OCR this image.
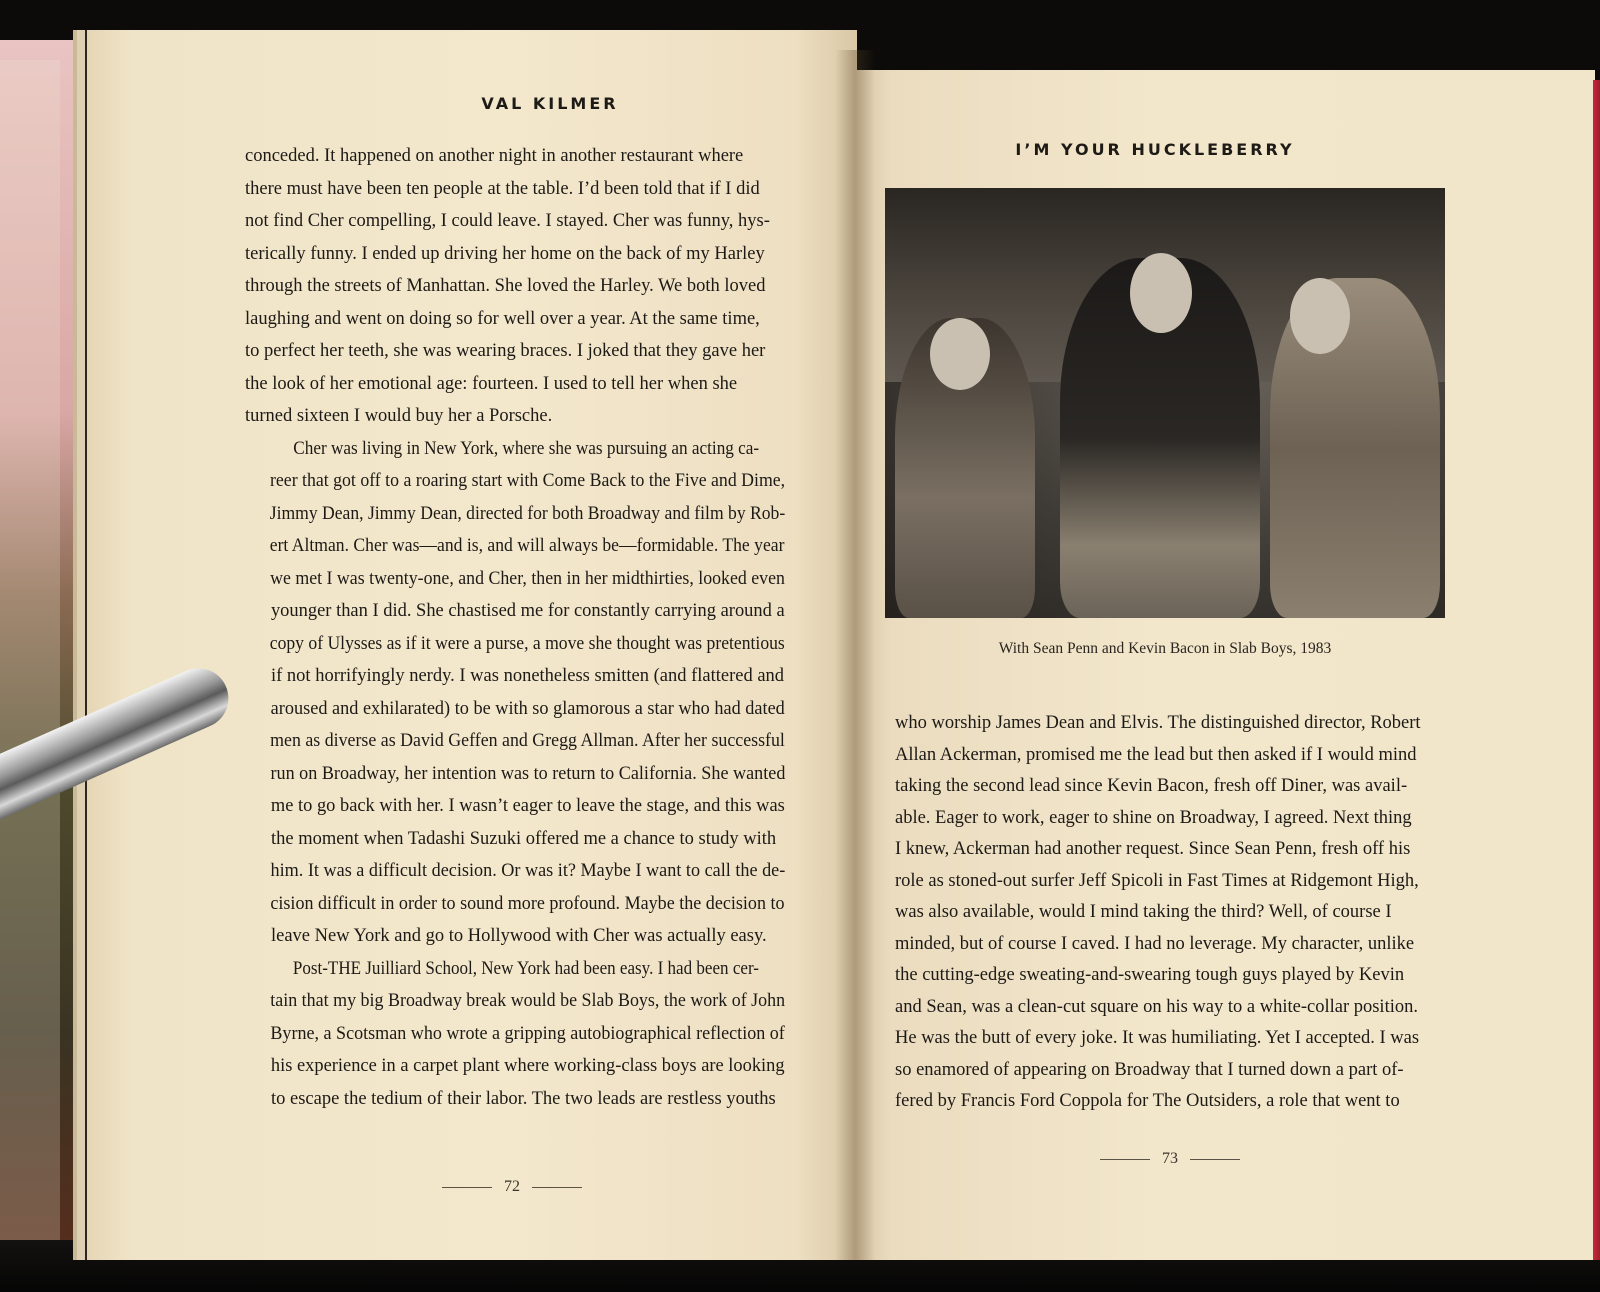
VAL KILMER

conceded. It happened on another night in another restaurant where
there must have been ten people at the table. I’d been told that if I did
not find Cher compelling, I could leave. I stayed. Cher was funny, hys-
terically funny. I ended up driving her home on the back of my Harley
through the streets of Manhattan. She loved the Harley. We both loved
laughing and went on doing so for well over a year. At the same time,
to perfect her teeth, she was wearing braces. I joked that they gave her
the look of her emotional age: fourteen. I used to tell her when she
turned sixteen I would buy her a Porsche.

Cher was living in New York, where she was pursuing an acting ca-
reer that got off to a roaring start with Come Back to the Five and Dime,
Jimmy Dean, Jimmy Dean, directed for both Broadway and film by Rob-
ert Altman. Cher was—and is, and will always be—formidable. The year
we met I was twenty-one, and Cher, then in her midthirties, looked even
younger than I did. She chastised me for constantly carrying around a
copy of Ulysses as if it were a purse, a move she thought was pretentious
if not horrifyingly nerdy. I was nonetheless smitten (and flattered and
aroused and exhilarated) to be with so glamorous a star who had dated
men as diverse as David Geffen and Gregg Allman. After her successful
run on Broadway, her intention was to return to California. She wanted
me to go back with her. I wasn’t eager to leave the stage, and this was
the moment when Tadashi Suzuki offered me a chance to study with
him. It was a difficult decision. Or was it? Maybe I want to call the de-
cision difficult in order to sound more profound. Maybe the decision to
leave New York and go to Hollywood with Cher was actually easy.

Post-THE Juilliard School, New York had been easy. I had been cer-
tain that my big Broadway break would be Slab Boys, the work of John
Byrne, a Scotsman who wrote a gripping autobiographical reflection of
his experience in a carpet plant where working-class boys are looking
to escape the tedium of their labor. The two leads are restless youths

72
I’M YOUR HUCKLEBERRY
With Sean Penn and Kevin Bacon in Slab Boys, 1983
who worship James Dean and Elvis. The distinguished director, Robert
Allan Ackerman, promised me the lead but then asked if I would mind
taking the second lead since Kevin Bacon, fresh off Diner, was avail-
able. Eager to work, eager to shine on Broadway, I agreed. Next thing
I knew, Ackerman had another request. Since Sean Penn, fresh off his
role as stoned-out surfer Jeff Spicoli in Fast Times at Ridgemont High,
was also available, would I mind taking the third? Well, of course I
minded, but of course I caved. I had no leverage. My character, unlike
the cutting-edge sweating-and-swearing tough guys played by Kevin
and Sean, was a clean-cut square on his way to a white-collar position.
He was the butt of every joke. It was humiliating. Yet I accepted. I was
so enamored of appearing on Broadway that I turned down a part of-
fered by Francis Ford Coppola for The Outsiders, a role that went to
73
